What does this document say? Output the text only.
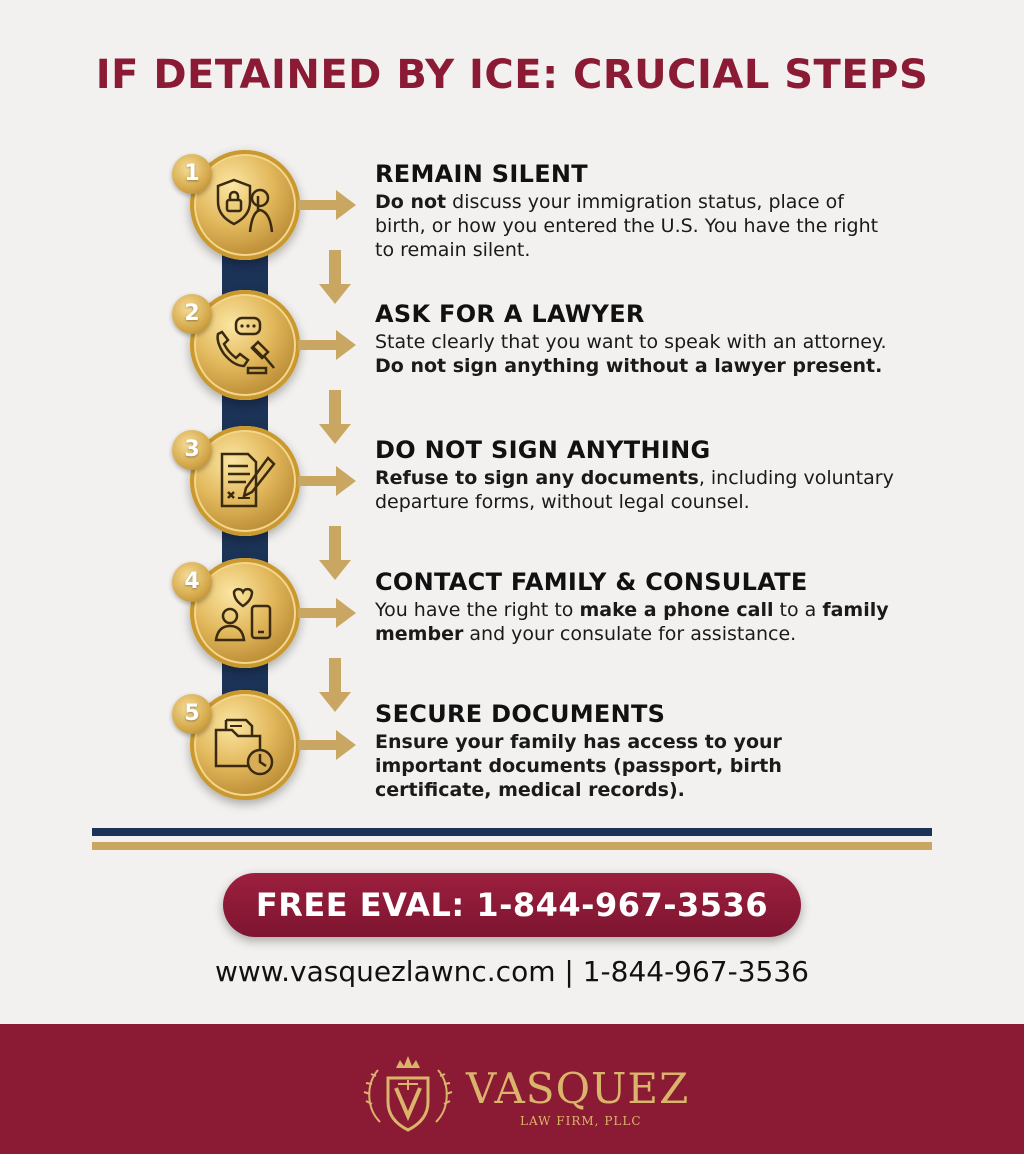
IF DETAINED BY ICE: CRUCIAL STEPS
1	REMAIN SILENT
Do not discuss your immigration status, place of birth, or how you entered the U.S. You have the right to remain silent.
2	ASK FOR A LAWYER
State clearly that you want to speak with an attorney. Do not sign anything without a lawyer present.
3	DO NOT SIGN ANYTHING
Refuse to sign any documents, including voluntary departure forms, without legal counsel.
4	CONTACT FAMILY & CONSULATE
You have the right to make a phone call to a family member and your consulate for assistance.
5	SECURE DOCUMENTS
Ensure your family has access to your important documents (passport, birth certificate, medical records).
FREE EVAL: 1-844-967-3536
www.vasquezlawnc.com | 1-844-967-3536
VASQUEZ
LAW FIRM, PLLC
